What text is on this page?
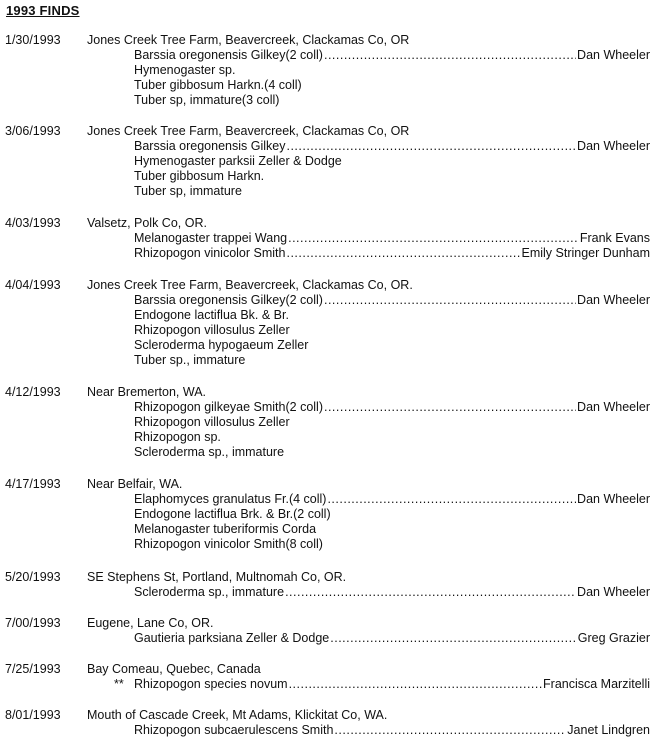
1993 FINDS
1/30/1993 Jones Creek Tree Farm, Beavercreek, Clackamas Co, OR
Barssia oregonensis Gilkey(2 coll) .....	Dan Wheeler
Hymenogaster sp.
Tuber gibbosum Harkn.(4 coll)
Tuber sp, immature(3 coll)
3/06/1993 Jones Creek Tree Farm, Beavercreek, Clackamas Co, OR
Barssia oregonensis Gilkey .....	Dan Wheeler
Hymenogaster parksii Zeller & Dodge
Tuber gibbosum Harkn.
Tuber sp, immature
4/03/1993 Valsetz, Polk Co, OR.
Melanogaster trappei Wang .....	Frank Evans
Rhizopogon vinicolor Smith .....	Emily Stringer Dunham
4/04/1993 Jones Creek Tree Farm, Beavercreek, Clackamas Co, OR.
Barssia oregonensis Gilkey(2 coll) .....	Dan Wheeler
Endogone lactiflua Bk. & Br.
Rhizopogon villosulus Zeller
Scleroderma hypogaeum Zeller
Tuber sp., immature
4/12/1993 Near Bremerton, WA.
Rhizopogon gilkeyae Smith(2 coll) .....	Dan Wheeler
Rhizopogon villosulus Zeller
Rhizopogon sp.
Scleroderma sp., immature
4/17/1993 Near Belfair, WA.
Elaphomyces granulatus Fr.(4 coll) .....	Dan Wheeler
Endogone lactiflua Brk. & Br.(2 coll)
Melanogaster tuberiformis Corda
Rhizopogon vinicolor Smith(8 coll)
5/20/1993 SE Stephens St, Portland, Multnomah Co, OR.
Scleroderma sp., immature .....	Dan Wheeler
7/00/1993 Eugene, Lane Co, OR.
Gautieria parksiana Zeller & Dodge .....	Greg Grazier
7/25/1993 Bay Comeau, Quebec, Canada
** Rhizopogon species novum .....	Francisca Marzitelli
8/01/1993 Mouth of Cascade Creek, Mt Adams, Klickitat Co, WA.
Rhizopogon subcaerulescens Smith .....	Janet Lindgren
